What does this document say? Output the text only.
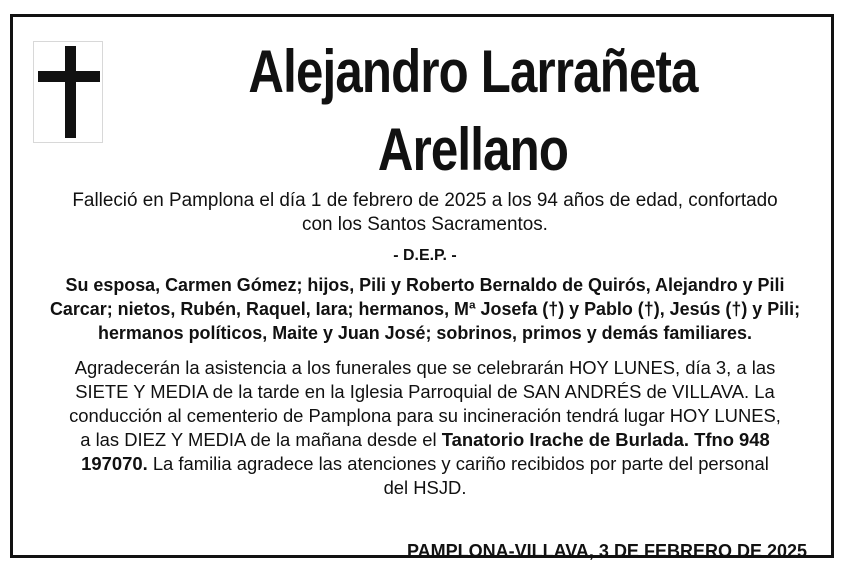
Alejandro Larrañeta
Arellano
Falleció en Pamplona el día 1 de febrero de 2025 a los 94 años de edad, confortado
con los Santos Sacramentos.
- D.E.P. -
Su esposa, Carmen Gómez; hijos, Pili y Roberto Bernaldo de Quirós, Alejandro y Pili
Carcar; nietos, Rubén, Raquel, Iara; hermanos, Mª Josefa (†) y Pablo (†), Jesús (†) y Pili;
hermanos políticos, Maite y Juan José; sobrinos, primos y demás familiares.
Agradecerán la asistencia a los funerales que se celebrarán HOY LUNES, día 3, a las
SIETE Y MEDIA de la tarde en la Iglesia Parroquial de SAN ANDRÉS de VILLAVA. La
conducción al cementerio de Pamplona para su incineración tendrá lugar HOY LUNES,
a las DIEZ Y MEDIA de la mañana desde el Tanatorio Irache de Burlada. Tfno 948
197070. La familia agradece las atenciones y cariño recibidos por parte del personal
del HSJD.
PAMPLONA-VILLAVA, 3 DE FEBRERO DE 2025
